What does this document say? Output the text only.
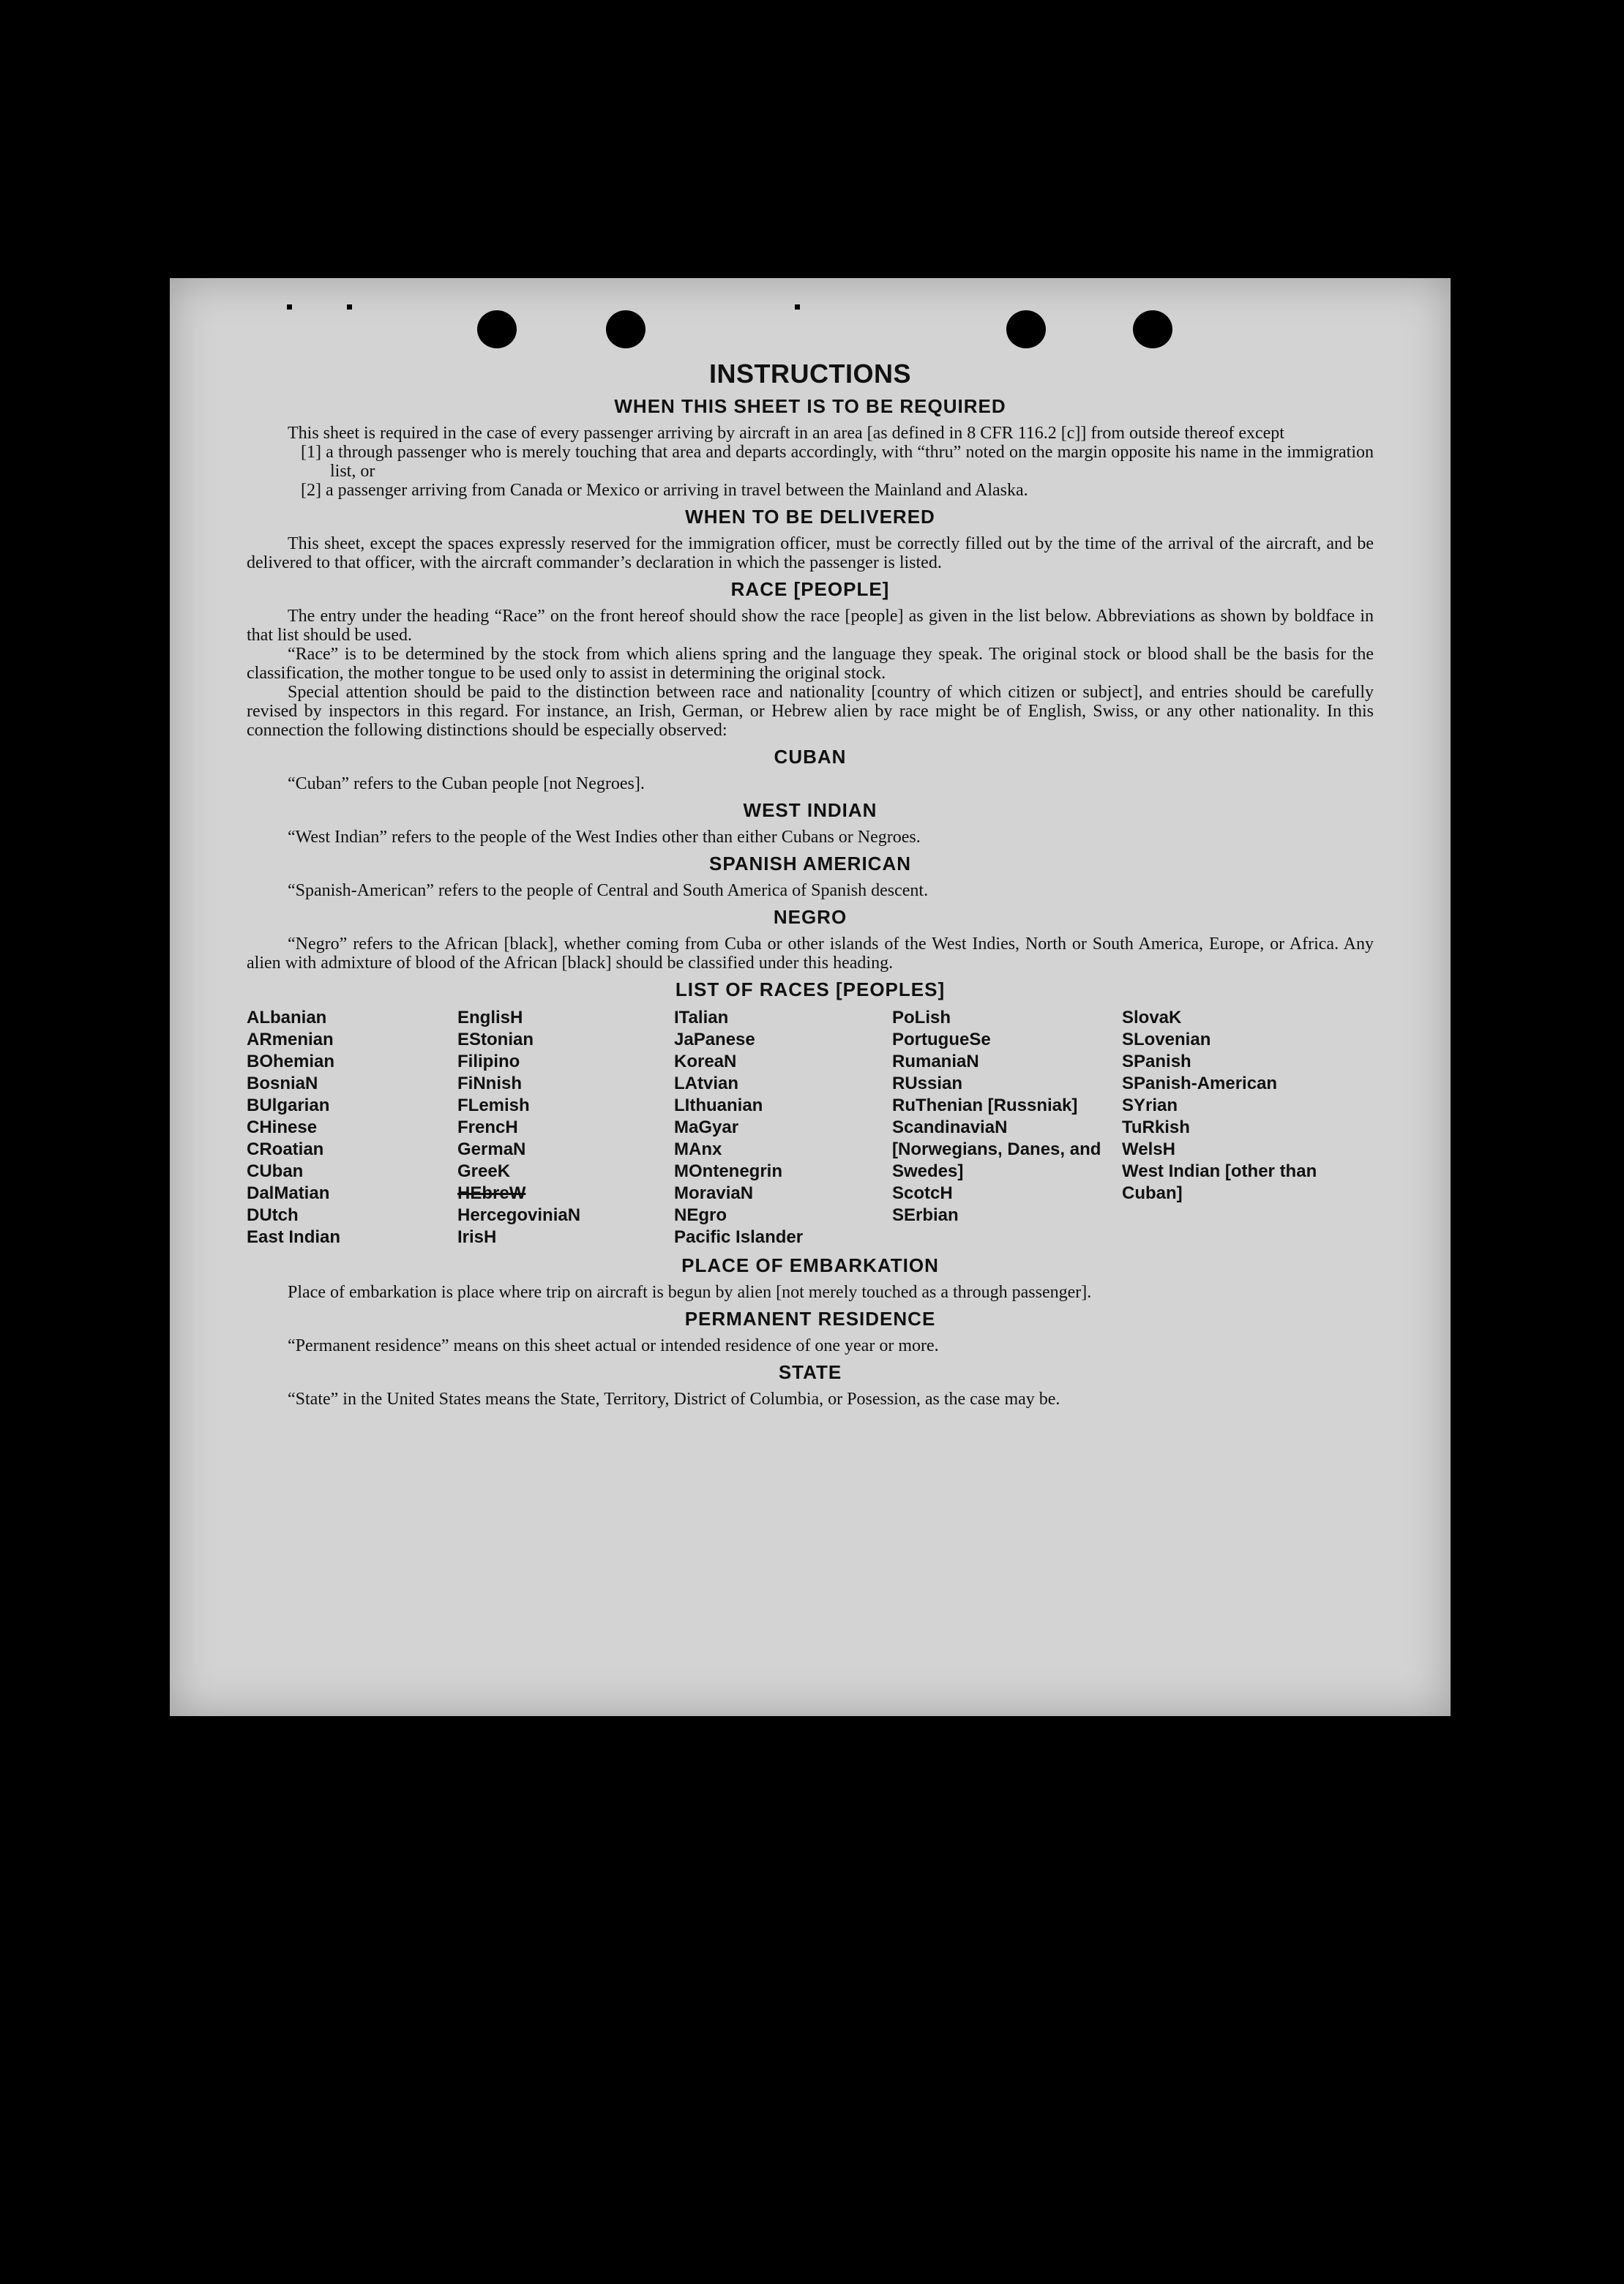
INSTRUCTIONS
WHEN THIS SHEET IS TO BE REQUIRED

This sheet is required in the case of every passenger arriving by aircraft in an area [as defined in 8 CFR 116.2 [c]] from outside thereof except

[1] a through passenger who is merely touching that area and departs accordingly, with “thru” noted on the margin opposite his name in the immigration list, or

[2] a passenger arriving from Canada or Mexico or arriving in travel between the Mainland and Alaska.

WHEN TO BE DELIVERED

This sheet, except the spaces expressly reserved for the immigration officer, must be correctly filled out by the time of the arrival of the aircraft, and be delivered to that officer, with the aircraft commander’s declaration in which the passenger is listed.

RACE [PEOPLE]

The entry under the heading “Race” on the front hereof should show the race [people] as given in the list below. Abbreviations as shown by boldface in that list should be used.

“Race” is to be determined by the stock from which aliens spring and the language they speak. The original stock or blood shall be the basis for the classification, the mother tongue to be used only to assist in determining the original stock.

Special attention should be paid to the distinction between race and nationality [country of which citizen or subject], and entries should be carefully revised by inspectors in this regard. For instance, an Irish, German, or Hebrew alien by race might be of English, Swiss, or any other nationality. In this connection the following distinctions should be especially observed:

CUBAN

“Cuban” refers to the Cuban people [not Negroes].

WEST INDIAN

“West Indian” refers to the people of the West Indies other than either Cubans or Negroes.

SPANISH AMERICAN

“Spanish-American” refers to the people of Central and South America of Spanish descent.

NEGRO

“Negro” refers to the African [black], whether coming from Cuba or other islands of the West Indies, North or South America, Europe, or Africa. Any alien with admixture of blood of the African [black] should be classified under this heading.

LIST OF RACES [PEOPLES]
ALbanian
ARmenian
BOhemian
BosniaN
BUlgarian
CHinese
CRoatian
CUban
DalMatian
DUtch
East Indian
EnglisH
EStonian
Filipino
FiNnish
FLemish
FrencH
GermaN
GreeK
HEbreW
HercegoviniaN
IrisH
ITalian
JaPanese
KoreaN
LAtvian
LIthuanian
MaGyar
MAnx
MOntenegrin
MoraviaN
NEgro
Pacific Islander
PoLish
PortugueSe
RumaniaN
RUssian
RuThenian [Russniak]
ScandinaviaN [Norwegians, Danes, and Swedes]
ScotcH
SErbian
SlovaK
SLovenian
SPanish
SPanish-American
SYrian
TuRkish
WelsH
West Indian [other than Cuban]
PLACE OF EMBARKATION

Place of embarkation is place where trip on aircraft is begun by alien [not merely touched as a through passenger].

PERMANENT RESIDENCE

“Permanent residence” means on this sheet actual or intended residence of one year or more.

STATE

“State” in the United States means the State, Territory, District of Columbia, or Posession, as the case may be.
